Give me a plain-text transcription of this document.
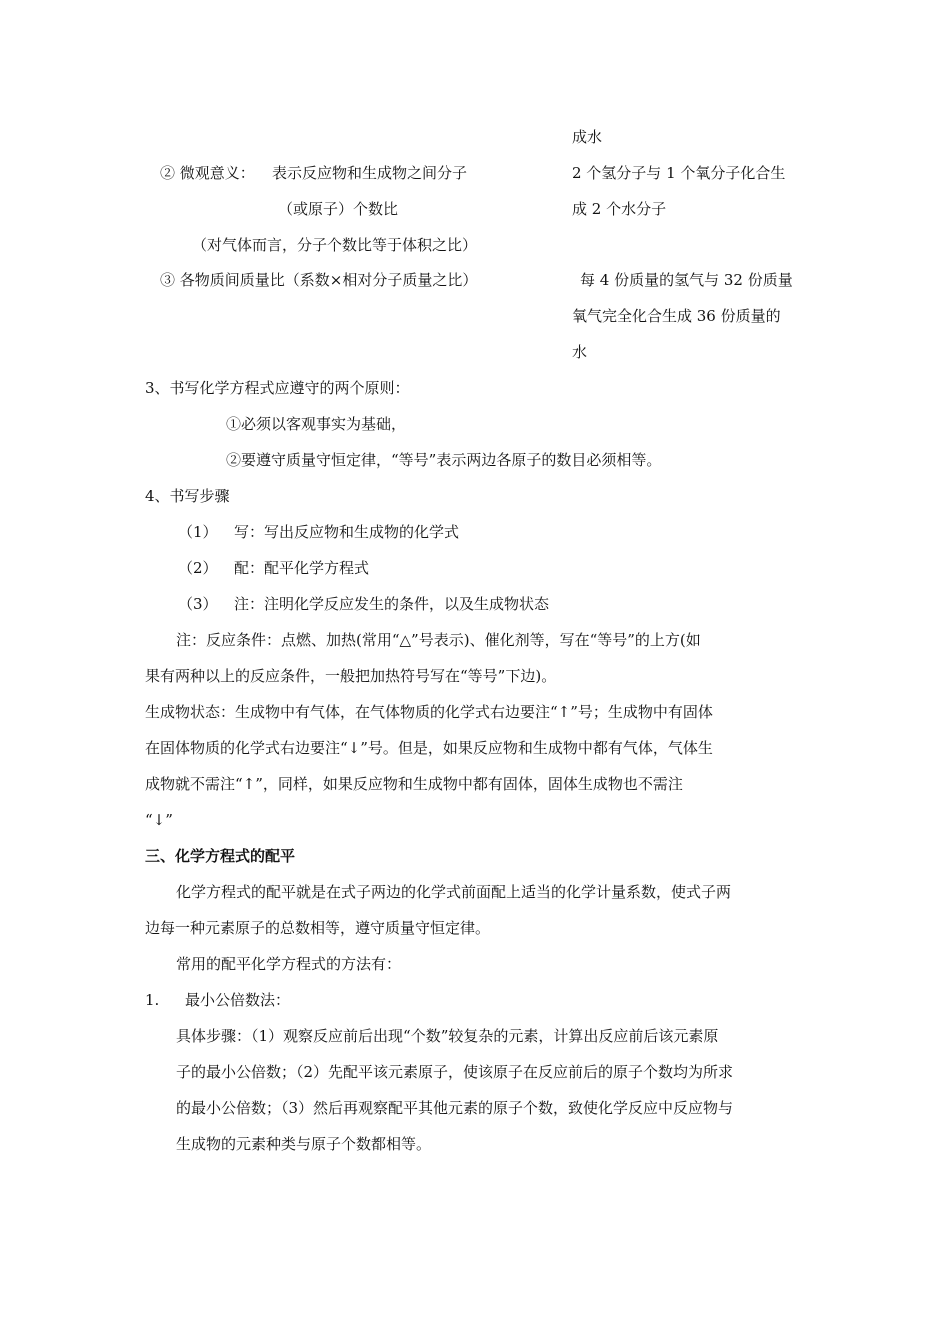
成水
② 微观意义： 表示反应物和生成物之间分子	2 个氢分子与 1 个氧分子化合生
（或原子）个数比	成 2 个水分子
（对气体而言，分子个数比等于体积之比）
③ 各物质间质量比（系数×相对分子质量之比）	每 4 份质量的氢气与 32 份质量
氧气完全化合生成 36 份质量的
水
3、书写化学方程式应遵守的两个原则：
①必须以客观事实为基础，
②要遵守质量守恒定律，“等号”表示两边各原子的数目必须相等。
4、书写步骤
（1） 写：写出反应物和生成物的化学式
（2） 配：配平化学方程式
（3） 注：注明化学反应发生的条件，以及生成物状态
注：反应条件：点燃、加热(常用“△”号表示)、催化剂等，写在“等号”的上方(如
果有两种以上的反应条件，一般把加热符号写在“等号”下边)。
生成物状态：生成物中有气体，在气体物质的化学式右边要注“↑”号；生成物中有固体
在固体物质的化学式右边要注“↓”号。但是，如果反应物和生成物中都有气体，气体生
成物就不需注“↑”，同样，如果反应物和生成物中都有固体，固体生成物也不需注
“↓”
三、化学方程式的配平
化学方程式的配平就是在式子两边的化学式前面配上适当的化学计量系数，使式子两
边每一种元素原子的总数相等，遵守质量守恒定律。
常用的配平化学方程式的方法有：
1. 最小公倍数法：
具体步骤：（1）观察反应前后出现“个数”较复杂的元素，计算出反应前后该元素原
子的最小公倍数；（2）先配平该元素原子，使该原子在反应前后的原子个数均为所求
的最小公倍数；（3）然后再观察配平其他元素的原子个数，致使化学反应中反应物与
生成物的元素种类与原子个数都相等。
